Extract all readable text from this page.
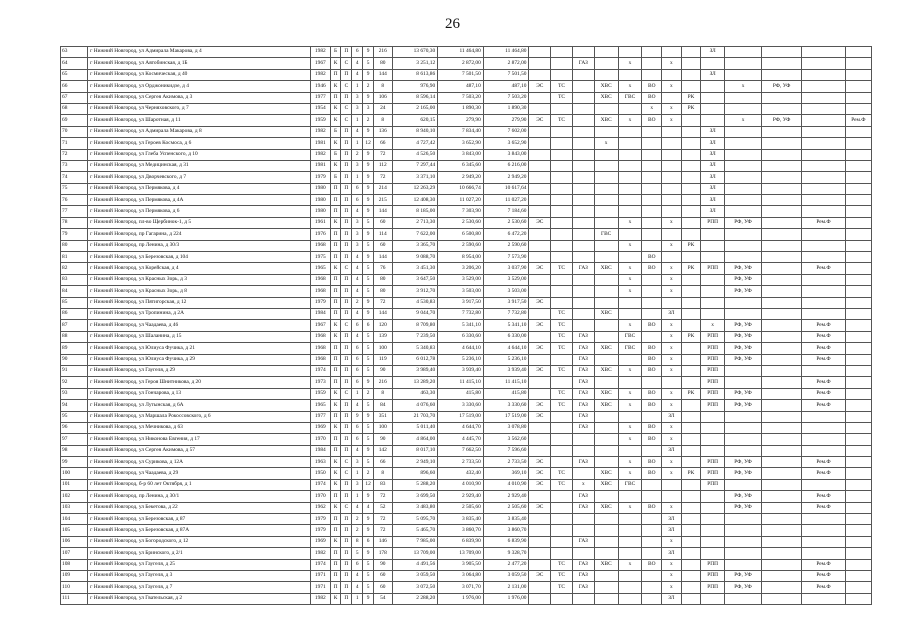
26
63	г Нижний Новгород, ул Адмирала Макарова, д 4	1982	Б	П	6	9	216	13 670,30	11 464,80	11 464,80									ЗЛ				
64	г Нижний Новгород, ул Автобинская, д 1Б	1967	К	С	4	5	80	3 251,12	2 872,00	2 872,00			ГАЗ		х		х						
65	г Нижний Новгород, ул Космическая, д 40	1982	П	П	4	9	144	8 613,86	7 501,50	7 501,50									ЗЛ				
66	г Нижний Новгород, ул Орджоникидзе, д 4	1946	К	С	1	2	8	976,90	487,10	487,10	ЭС	ТС		ХВС	х	ВО	х			х	РФ, УФ		
67	г Нижний Новгород, ул Сергея Акимова, д 3	1977	П	П	3	9	106	8 596,14	7 503,20	7 503,20		ТС		ХВС	ГВС	ВО		РК					
68	г Нижний Новгород, ул Черняховского, д 7	1954	К	С	3	3	24	2 165,00	1 890,30	1 890,30						х	х	РК					
69	г Нижний Новгород, ул Шаротная, д 11	1959	К	С	1	2	8	620,15	279,90	279,90	ЭС	ТС		ХВС	х	ВО	х			х	РФ, УФ		Рем.Ф
70	г Нижний Новгород, ул Адмирала Макарова, д 8	1982	Б	П	4	9	136	8 940,10	7 834,40	7 602,00									ЗЛ				
71	г Нижний Новгород, ул Героев Космоса, д 6	1981	К	П	1	12	66	4 727,42	3 652,90	3 652,90				х					ЗЛ				
72	г Нижний Новгород, ул Глеба Успенского, д 10	1982	Б	П	2	9	72	4 526,50	3 843,00	3 843,00									ЗЛ				
73	г Нижний Новгород, ул Медицинская, д 31	1981	К	П	3	9	112	7 297,44	6 345,60	6 216,00									ЗЛ				
74	г Нижний Новгород, ул Дворчевского, д 7	1979	Б	П	1	9	72	3 371,10	2 949,20	2 949,20									ЗЛ				
75	г Нижний Новгород, ул Пермякова, д 4	1980	П	П	6	9	214	12 263,29	10 666,74	10 617,64									ЗЛ				
76	г Нижний Новгород, ул Пермякова, д 4А	1980	П	П	6	9	215	12 408,30	11 027,20	11 027,20									ЗЛ				
77	г Нижний Новгород, ул Пермякова, д 6	1980	П	П	4	9	144	8 185,00	7 303,90	7 184,60									ЗЛ				
78	г Нижний Новгород, пл-во Щербинок-1, д 5	1961	К	П	3	5	60	2 713,30	2 530,60	2 530,60	ЭС				х		х		РПП	РФ, УФ		Рем.Ф	
79	г Нижний Новгород, пр Гагарина, д 224	1976	П	П	3	9	114	7 622,00	6 500,80	6 472,20				ГВС									
80	г Нижний Новгород, пр Ленина, д 30/3	1968	П	П	3	5	60	3 365,70	2 590,60	2 590,60					х		х	РК					
81	г Нижний Новгород, ул Березовская, д 104	1975	П	П	4	9	144	9 088,70	8 954,00	7 573,90						ВО							
82	г Нижний Новгород, ул Корейская, д 4	1965	К	С	4	5	76	3 451,30	3 206,20	3 037,90	ЭС	ТС	ГАЗ	ХВС	х	ВО	х	РК	РПП	РФ, УФ		Рем.Ф	
83	г Нижний Новгород, ул Красных Зорь, д 3	1968	П	П	4	5	80	3 647,50	3 529,00	3 529,00					х		х			РФ, УФ			
84	г Нижний Новгород, ул Красных Зорь, д 8	1968	П	П	4	5	80	3 912,70	3 503,00	3 503,00					х		х			РФ, УФ			
85	г Нижний Новгород, ул Пятигорская, д 12	1979	П	П	2	9	72	4 530,83	3 917,50	3 917,50	ЭС												
86	г Нижний Новгород, ул Тропинина, д 2А	1984	П	П	4	9	144	9 044,70	7 732,80	7 732,80		ТС		ХВС			ЗЛ						
87	г Нижний Новгород, ул Чаадаева, д 46	1967	К	С	6	6	120	8 709,80	5 341,10	5 341,10	ЭС	ТС			х	ВО	х		х	РФ, УФ		Рем.Ф	
88	г Нижний Новгород, ул Шаланина, д 15	1968	К	П	4	5	139	7 239,50	6 330,60	6 330,00		ТС	ГАЗ		ГВС		х	РК	РПП	РФ, УФ		Рем.Ф	
89	г Нижний Новгород, ул Юлиуса Фучика, д 21	1968	П	П	6	5	100	5 340,83	4 644,10	4 644,10	ЭС	ТС	ГАЗ	ХВС	ГВС	ВО	х		РПП	РФ, УФ		Рем.Ф	
90	г Нижний Новгород, ул Юлиуса Фучика, д 29	1968	П	П	6	5	119	6 012,78	5 236,10	5 236,10			ГАЗ			ВО	х		РПП	РФ, УФ		Рем.Ф	
91	г Нижний Новгород, ул Гаугеля, д 29	1974	П	П	6	5	90	3 989,40	3 939,40	3 939,40	ЭС	ТС	ГАЗ	ХВС	х	ВО	х		РПП				
92	г Нижний Новгород, ул Героя Шнитникова, д 20	1973	П	П	6	9	216	13 289,20	11 415,10	11 415,10			ГАЗ						РПП			Рем.Ф	
93	г Нижний Новгород, ул Гончарова, д 13	1959	К	С	1	2	8	463,30	415,80	415,80		ТС	ГАЗ	ХВС	х	ВО	х	РК	РПП	РФ, УФ		Рем.Ф	
94	г Нижний Новгород, ул Лутынская, д 6А	1965	К	П	4	5	84	4 076,60	3 330,60	3 330,60	ЭС	ТС	ГАЗ	ХВС	х	ВО	х		РПП	РФ, УФ		Рем.Ф	
95	г Нижний Новгород, ул Маршала Рокоссовского, д 6	1977	П	П	9	9	351	21 703,70	17 519,00	17 519,00	ЭС		ГАЗ				ЗЛ						
96	г Нижний Новгород, ул Мечникова, д 63	1969	К	П	6	5	100	5 011,40	4 644,70	3 078,80			ГАЗ		х	ВО	х						
97	г Нижний Новгород, ул Никонова Евгения, д 17	1970	П	П	6	5	90	4 864,00	4 445,70	3 562,60					х	ВО	х						
98	г Нижний Новгород, ул Сергея Акимова, д 57	1984	П	П	4	9	142	8 017,10	7 662,50	7 596,60							ЗЛ						
99	г Нижний Новгород, ул Сурикова, д 12А	1963	К	С	3	5	66	2 949,10	2 733,50	2 733,50	ЭС		ГАЗ		х	ВО	х		РПП	РФ, УФ		Рем.Ф	
100	г Нижний Новгород, ул Чаадаева, д 29	1950	К	С	1	2	8	896,60	432,40	369,10	ЭС	ТС		ХВС	х	ВО	х	РК	РПП	РФ, УФ		Рем.Ф	
101	г Нижний Новгород, б-р 60 лет Октября, д 1	1974	К	П	3	12	83	5 288,20	4 010,90	4 010,90	ЭС	ТС	х	ХВС	ГВС				РПП				
102	г Нижний Новгород, пр Ленина, д 30/1	1970	П	П	1	9	72	3 699,50	2 929,40	2 929,40			ГАЗ							РФ, УФ		Рем.Ф	
103	г Нижний Новгород, ул Бекетова, д 22	1962	К	С	4	4	52	3 483,80	2 505,60	2 505,60	ЭС		ГАЗ	ХВС	х	ВО	х			РФ, УФ		Рем.Ф	
104	г Нижний Новгород, ул Березовская, д 87	1979	П	П	2	9	72	5 095,70	3 835,40	3 835,40							ЗЛ						
105	г Нижний Новгород, ул Березовская, д 87А	1979	П	П	2	9	72	5 465,70	3 860,70	3 860,70							ЗЛ						
106	г Нижний Новгород, ул Богородского, д 12	1969	К	П	8	6	146	7 985,00	6 839,90	6 839,90			ГАЗ				х						
107	г Нижний Новгород, ул Бринского, д 2/1	1982	П	П	5	9	178	13 709,00	13 709,00	9 328,70							ЗЛ						
108	г Нижний Новгород, ул Гаугеля, д 25	1974	П	П	6	5	90	4 491,56	3 905,50	2 477,20		ТС	ГАЗ	ХВС	х	ВО	х		РПП			Рем.Ф	
109	г Нижний Новгород, ул Гаугеля, д 3	1971	П	П	4	5	60	3 059,50	3 064,80	3 059,50	ЭС	ТС	ГАЗ				х		РПП	РФ, УФ		Рем.Ф	
110	г Нижний Новгород, ул Гаугеля, д 7	1971	П	П	4	5	60	3 072,50	3 071,70	2 131,00		ТС	ГАЗ				х		РПП	РФ, УФ		Рем.Ф	
111	г Нижний Новгород, ул Гвательская, д 2	1982	К	П	1	9	54	2 288,20	1 976,00	1 976,00							ЗЛ						
